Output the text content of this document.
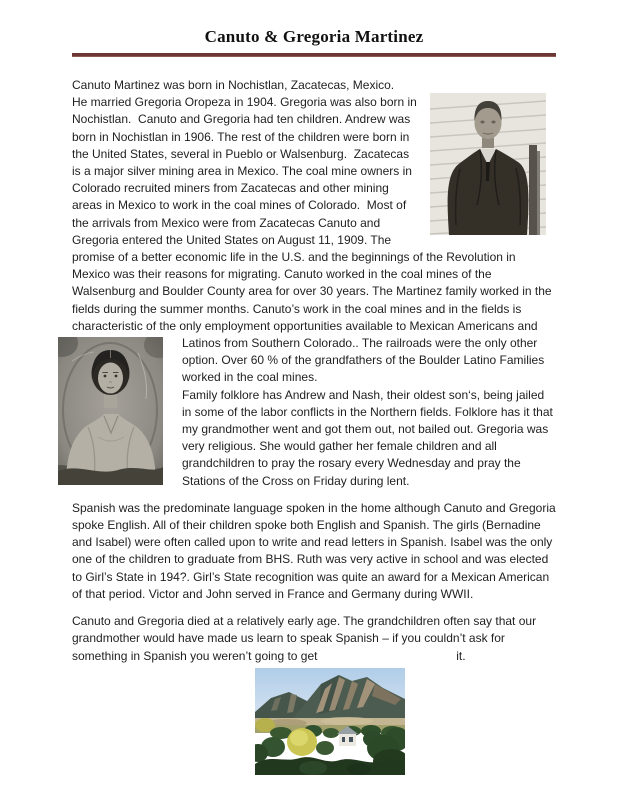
Canuto & Gregoria Martinez

Canuto Martinez was born in Nochistlan, Zacatecas, Mexico.
He married Gregoria Oropeza in 1904. Gregoria was also born in Nochistlan.  Canuto and Gregoria had ten children. Andrew was born in Nochistlan in 1906. The rest of the children were born in the United States, several in Pueblo or Walsenburg.  Zacatecas is a major silver mining area in Mexico. The coal mine owners in Colorado recruited miners from Zacatecas and other mining areas in Mexico to work in the coal mines of Colorado.  Most of the arrivals from Mexico were from Zacatecas Canuto and Gregoria entered the United States on August 11, 1909. The promise of a better economic life in the U.S. and the beginnings of the Revolution in Mexico was their reasons for migrating. Canuto worked in the coal mines of the Walsenburg and Boulder County area for over 30 years. The Martinez family worked in the fields during the summer months. Canuto’s work in the coal mines and in the fields is characteristic of the only employment opportunities available to Mexican
Americans and Latinos from Southern Colorado.. The railroads were the only other option. Over 60 % of the grandfathers of the Boulder Latino Families worked in the coal mines.
Family folklore has Andrew and Nash, their oldest son‘s, being jailed in some of the labor conflicts in the Northern fields. Folklore has it that my grandmother went and got them out, not bailed out. Gregoria was very religious. She would gather her female children and all grandchildren to pray the rosary every Wednesday and pray the Stations of the Cross on Friday during lent.

Spanish was the predominate language spoken in the home although Canuto and Gregoria spoke English. All of their children spoke both English and Spanish. The girls (Bernadine and Isabel) were often called upon to write and read letters in Spanish. Isabel was the only one of the children to graduate from BHS. Ruth was very active in school and was elected to Girl’s State in 194?. Girl’s State recognition was quite an award for a Mexican American of that period. Victor and John served in France and Germany during WWII.

Canuto and Gregoria died at a relatively early age. The grandchildren often say that our grandmother would have made us learn to speak Spanish – if you couldn’t ask for something in Spanish you weren’t going to get	it.
